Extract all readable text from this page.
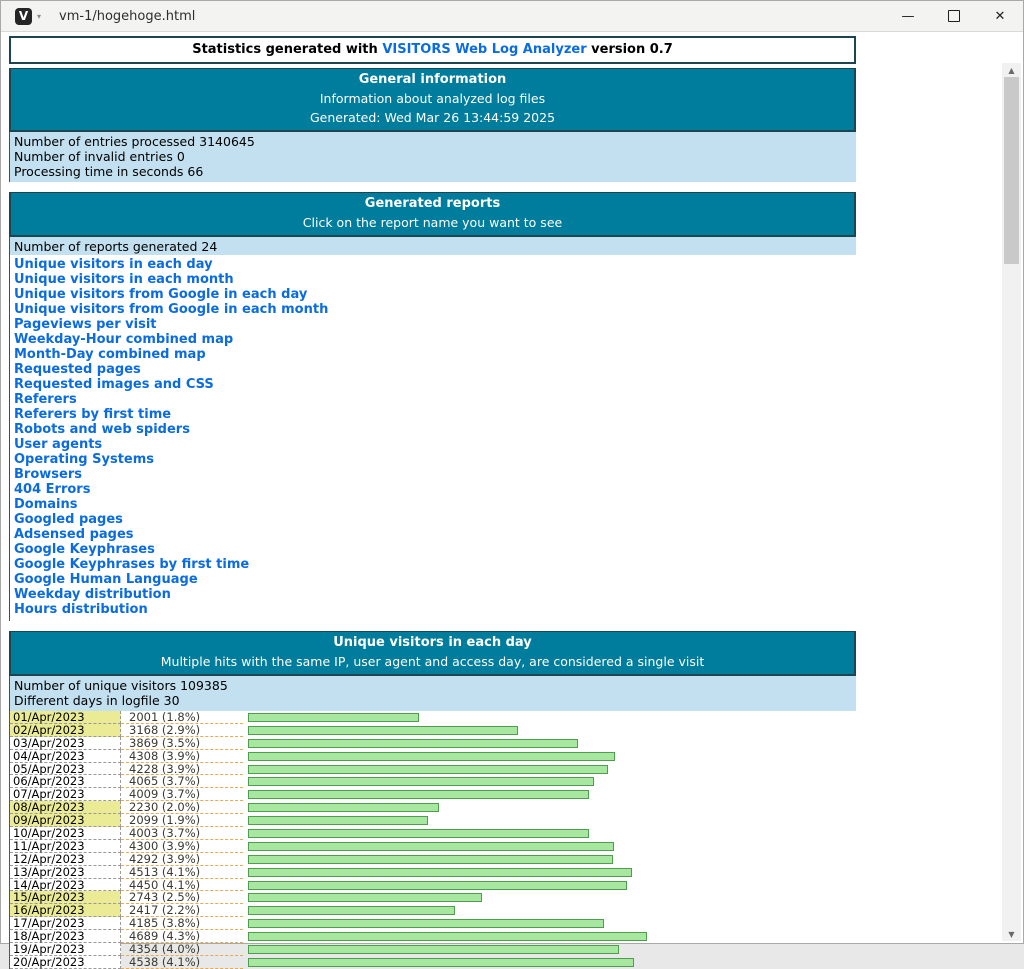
V	▾ vm-1/hogehoge.html	—	✕
Statistics generated with VISITORS Web Log Analyzer version 0.7
General information
Information about analyzed log files
Generated: Wed Mar 26 13:44:59 2025
Number of entries processed 3140645
Number of invalid entries 0
Processing time in seconds 66
Generated reports
Click on the report name you want to see
Number of reports generated 24
Unique visitors in each day
Unique visitors in each month
Unique visitors from Google in each day
Unique visitors from Google in each month
Pageviews per visit
Weekday-Hour combined map
Month-Day combined map
Requested pages
Requested images and CSS
Referers
Referers by first time
Robots and web spiders
User agents
Operating Systems
Browsers
404 Errors
Domains
Googled pages
Adsensed pages
Google Keyphrases
Google Keyphrases by first time
Google Human Language
Weekday distribution
Hours distribution
Unique visitors in each day
Multiple hits with the same IP, user agent and access day, are considered a single visit
Number of unique visitors 109385
Different days in logfile 30
01/Apr/2023	2001 (1.8%)
02/Apr/2023	3168 (2.9%)
03/Apr/2023	3869 (3.5%)
04/Apr/2023	4308 (3.9%)
05/Apr/2023	4228 (3.9%)
06/Apr/2023	4065 (3.7%)
07/Apr/2023	4009 (3.7%)
08/Apr/2023	2230 (2.0%)
09/Apr/2023	2099 (1.9%)
10/Apr/2023	4003 (3.7%)
11/Apr/2023	4300 (3.9%)
12/Apr/2023	4292 (3.9%)
13/Apr/2023	4513 (4.1%)
14/Apr/2023	4450 (4.1%)
15/Apr/2023	2743 (2.5%)
16/Apr/2023	2417 (2.2%)
17/Apr/2023	4185 (3.8%)
18/Apr/2023	4689 (4.3%)
19/Apr/2023	4354 (4.0%)
20/Apr/2023	4538 (4.1%)
▲
▼
